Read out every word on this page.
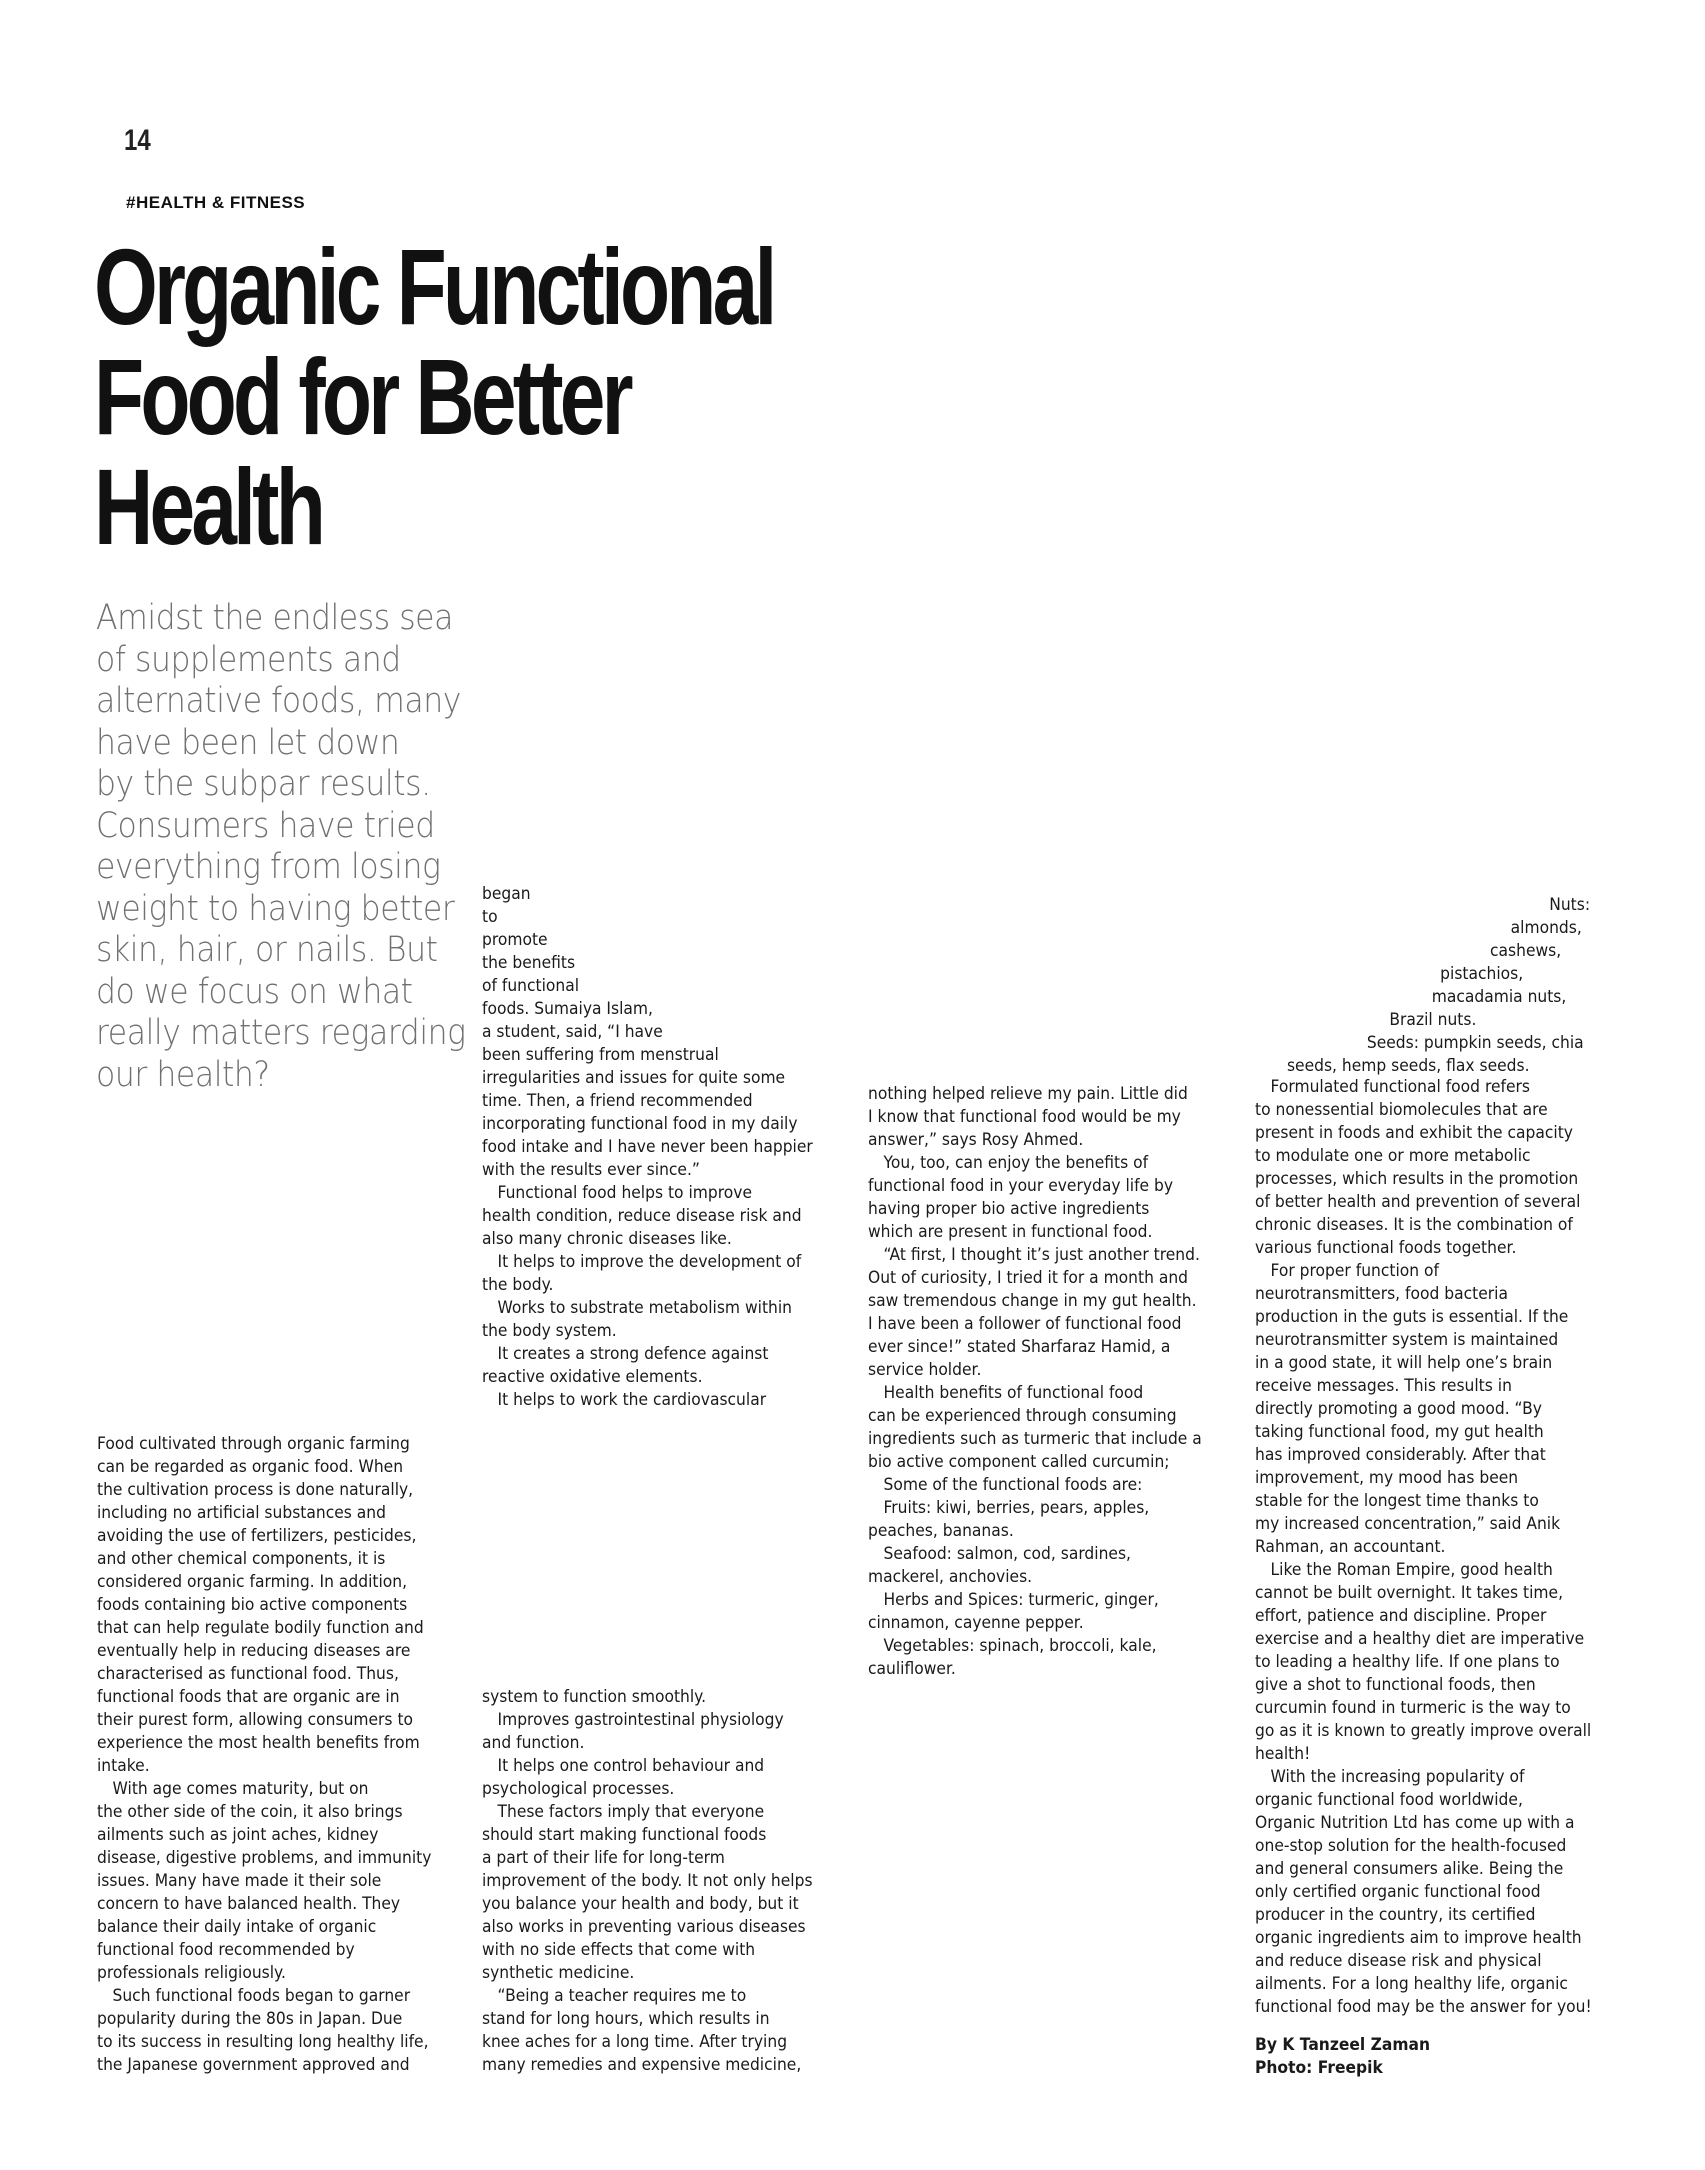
14
#HEALTH & FITNESS
Organic Functional
Food for Better
Health
Amidst the endless sea
of supplements and
alternative foods, many
have been let down
by the subpar results.
Consumers have tried
everything from losing
weight to having better
skin, hair, or nails. But
do we focus on what
really matters regarding
our health?
Food cultivated through organic farming
can be regarded as organic food. When
the cultivation process is done naturally,
including no artificial substances and
avoiding the use of fertilizers, pesticides,
and other chemical components, it is
considered organic farming. In addition,
foods containing bio active components
that can help regulate bodily function and
eventually help in reducing diseases are
characterised as functional food. Thus,
functional foods that are organic are in
their purest form, allowing consumers to
experience the most health benefits from
intake.
 With age comes maturity, but on
the other side of the coin, it also brings
ailments such as joint aches, kidney
disease, digestive problems, and immunity
issues. Many have made it their sole
concern to have balanced health. They
balance their daily intake of organic
functional food recommended by
professionals religiously.
 Such functional foods began to garner
popularity during the 80s in Japan. Due
to its success in resulting long healthy life,
the Japanese government approved and
began
to
promote
the benefits
of functional
foods. Sumaiya Islam,
a student, said, “I have
been suffering from menstrual
irregularities and issues for quite some
time. Then, a friend recommended
incorporating functional food in my daily
food intake and I have never been happier
with the results ever since.”
 Functional food helps to improve
health condition, reduce disease risk and
also many chronic diseases like.
 It helps to improve the development of
the body.
 Works to substrate metabolism within
the body system.
 It creates a strong defence against
reactive oxidative elements.
 It helps to work the cardiovascular
system to function smoothly.
 Improves gastrointestinal physiology
and function.
 It helps one control behaviour and
psychological processes.
 These factors imply that everyone
should start making functional foods
a part of their life for long-term
improvement of the body. It not only helps
you balance your health and body, but it
also works in preventing various diseases
with no side effects that come with
synthetic medicine.
 “Being a teacher requires me to
stand for long hours, which results in
knee aches for a long time. After trying
many remedies and expensive medicine,
nothing helped relieve my pain. Little did
I know that functional food would be my
answer,” says Rosy Ahmed.
 You, too, can enjoy the benefits of
functional food in your everyday life by
having proper bio active ingredients
which are present in functional food.
 “At first, I thought it’s just another trend.
Out of curiosity, I tried it for a month and
saw tremendous change in my gut health.
I have been a follower of functional food
ever since!” stated Sharfaraz Hamid, a
service holder.
 Health benefits of functional food
can be experienced through consuming
ingredients such as turmeric that include a
bio active component called curcumin;
 Some of the functional foods are:
 Fruits: kiwi, berries, pears, apples,
peaches, bananas.
 Seafood: salmon, cod, sardines,
mackerel, anchovies.
 Herbs and Spices: turmeric, ginger,
cinnamon, cayenne pepper.
 Vegetables: spinach, broccoli, kale,
cauliflower.
Nuts:
almonds,
cashews,
pistachios,
macadamia nuts,
Brazil nuts.
Seeds: pumpkin seeds, chia
seeds, hemp seeds, flax seeds.
 Formulated functional food refers
to nonessential biomolecules that are
present in foods and exhibit the capacity
to modulate one or more metabolic
processes, which results in the promotion
of better health and prevention of several
chronic diseases. It is the combination of
various functional foods together.
 For proper function of
neurotransmitters, food bacteria
production in the guts is essential. If the
neurotransmitter system is maintained
in a good state, it will help one’s brain
receive messages. This results in
directly promoting a good mood. “By
taking functional food, my gut health
has improved considerably. After that
improvement, my mood has been
stable for the longest time thanks to
my increased concentration,” said Anik
Rahman, an accountant.
 Like the Roman Empire, good health
cannot be built overnight. It takes time,
effort, patience and discipline. Proper
exercise and a healthy diet are imperative
to leading a healthy life. If one plans to
give a shot to functional foods, then
curcumin found in turmeric is the way to
go as it is known to greatly improve overall
health!
 With the increasing popularity of
organic functional food worldwide,
Organic Nutrition Ltd has come up with a
one-stop solution for the health-focused
and general consumers alike. Being the
only certified organic functional food
producer in the country, its certified
organic ingredients aim to improve health
and reduce disease risk and physical
ailments. For a long healthy life, organic
functional food may be the answer for you!
By K Tanzeel Zaman
Photo: Freepik
